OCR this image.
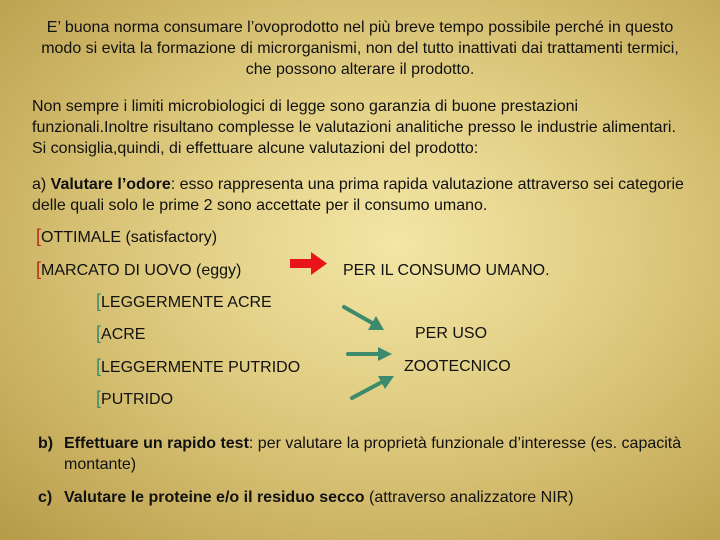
E’ buona norma consumare l’ovoprodotto nel più breve tempo possibile perché in questo modo si evita la formazione di microrganismi, non del tutto inattivati dai trattamenti termici, che possono alterare il prodotto.
Non sempre i limiti microbiologici di legge sono garanzia di buone prestazioni funzionali.Inoltre risultano complesse le valutazioni analitiche presso le industrie alimentari. Si consiglia,quindi, di effettuare alcune valutazioni del prodotto:
a) Valutare l’odore: esso rappresenta una prima rapida valutazione attraverso sei categorie delle quali solo le prime 2 sono accettate per il consumo umano.
[OTTIMALE (satisfactory)
[MARCATO DI UOVO (eggy)	PER IL CONSUMO UMANO.
[LEGGERMENTE ACRE
[ACRE
[LEGGERMENTE PUTRIDO
[PUTRIDO
PER USO
ZOOTECNICO
b) Effettuare un rapido test: per valutare la proprietà funzionale d’interesse (es. capacità montante)
c) Valutare le proteine e/o il residuo secco (attraverso analizzatore NIR)
